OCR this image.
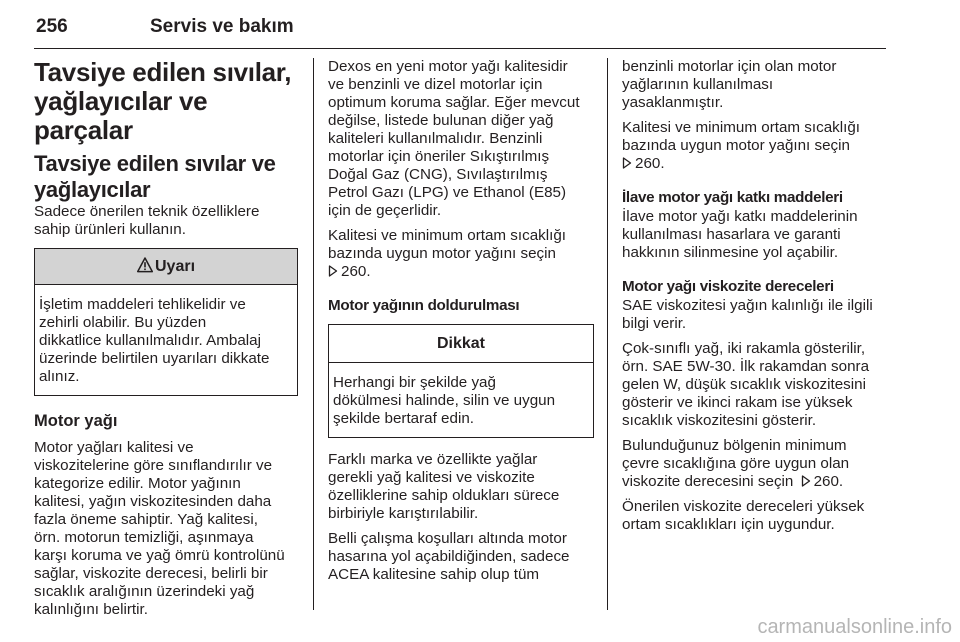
256	Servis ve bakım
Tavsiye edilen sıvılar,
yağlayıcılar ve parçalar
Tavsiye edilen sıvılar ve
yağlayıcılar

Sadece önerilen teknik özelliklere
sahip ürünleri kullanın.

Uyarı

İşletim maddeleri tehlikelidir ve
zehirli olabilir. Bu yüzden
dikkatlice kullanılmalıdır. Ambalaj
üzerinde belirtilen uyarıları dikkate
alınız.

Motor yağı

Motor yağları kalitesi ve
viskozitelerine göre sınıflandırılır ve
kategorize edilir. Motor yağının
kalitesi, yağın viskozitesinden daha
fazla öneme sahiptir. Yağ kalitesi,
örn. motorun temizliği, aşınmaya
karşı koruma ve yağ ömrü kontrolünü
sağlar, viskozite derecesi, belirli bir
sıcaklık aralığının üzerindeki yağ
kalınlığını belirtir.

Dexos en yeni motor yağı kalitesidir
ve benzinli ve dizel motorlar için
optimum koruma sağlar. Eğer mevcut
değilse, listede bulunan diğer yağ
kaliteleri kullanılmalıdır. Benzinli
motorlar için öneriler Sıkıştırılmış
Doğal Gaz (CNG), Sıvılaştırılmış
Petrol Gazı (LPG) ve Ethanol (E85)
için de geçerlidir.

Kalitesi ve minimum ortam sıcaklığı
bazında uygun motor yağını seçin
260.

Motor yağının doldurulması
Dikkat

Herhangi bir şekilde yağ
dökülmesi halinde, silin ve uygun
şekilde bertaraf edin.

Farklı marka ve özellikte yağlar
gerekli yağ kalitesi ve viskozite
özelliklerine sahip oldukları sürece
birbiriyle karıştırılabilir.

Belli çalışma koşulları altında motor
hasarına yol açabildiğinden, sadece
ACEA kalitesine sahip olup tüm

benzinli motorlar için olan motor
yağlarının kullanılması
yasaklanmıştır.

Kalitesi ve minimum ortam sıcaklığı
bazında uygun motor yağını seçin
260.

İlave motor yağı katkı maddeleri

İlave motor yağı katkı maddelerinin
kullanılması hasarlara ve garanti
hakkının silinmesine yol açabilir.

Motor yağı viskozite dereceleri

SAE viskozitesi yağın kalınlığı ile ilgili
bilgi verir.

Çok-sınıflı yağ, iki rakamla gösterilir,
örn. SAE 5W-30. İlk rakamdan sonra
gelen W, düşük sıcaklık viskozitesini
gösterir ve ikinci rakam ise yüksek
sıcaklık viskozitesini gösterir.

Bulunduğunuz bölgenin minimum
çevre sıcaklığına göre uygun olan
viskozite derecesini seçin 260.

Önerilen viskozite dereceleri yüksek
ortam sıcaklıkları için uygundur.

carmanualsonline.info
